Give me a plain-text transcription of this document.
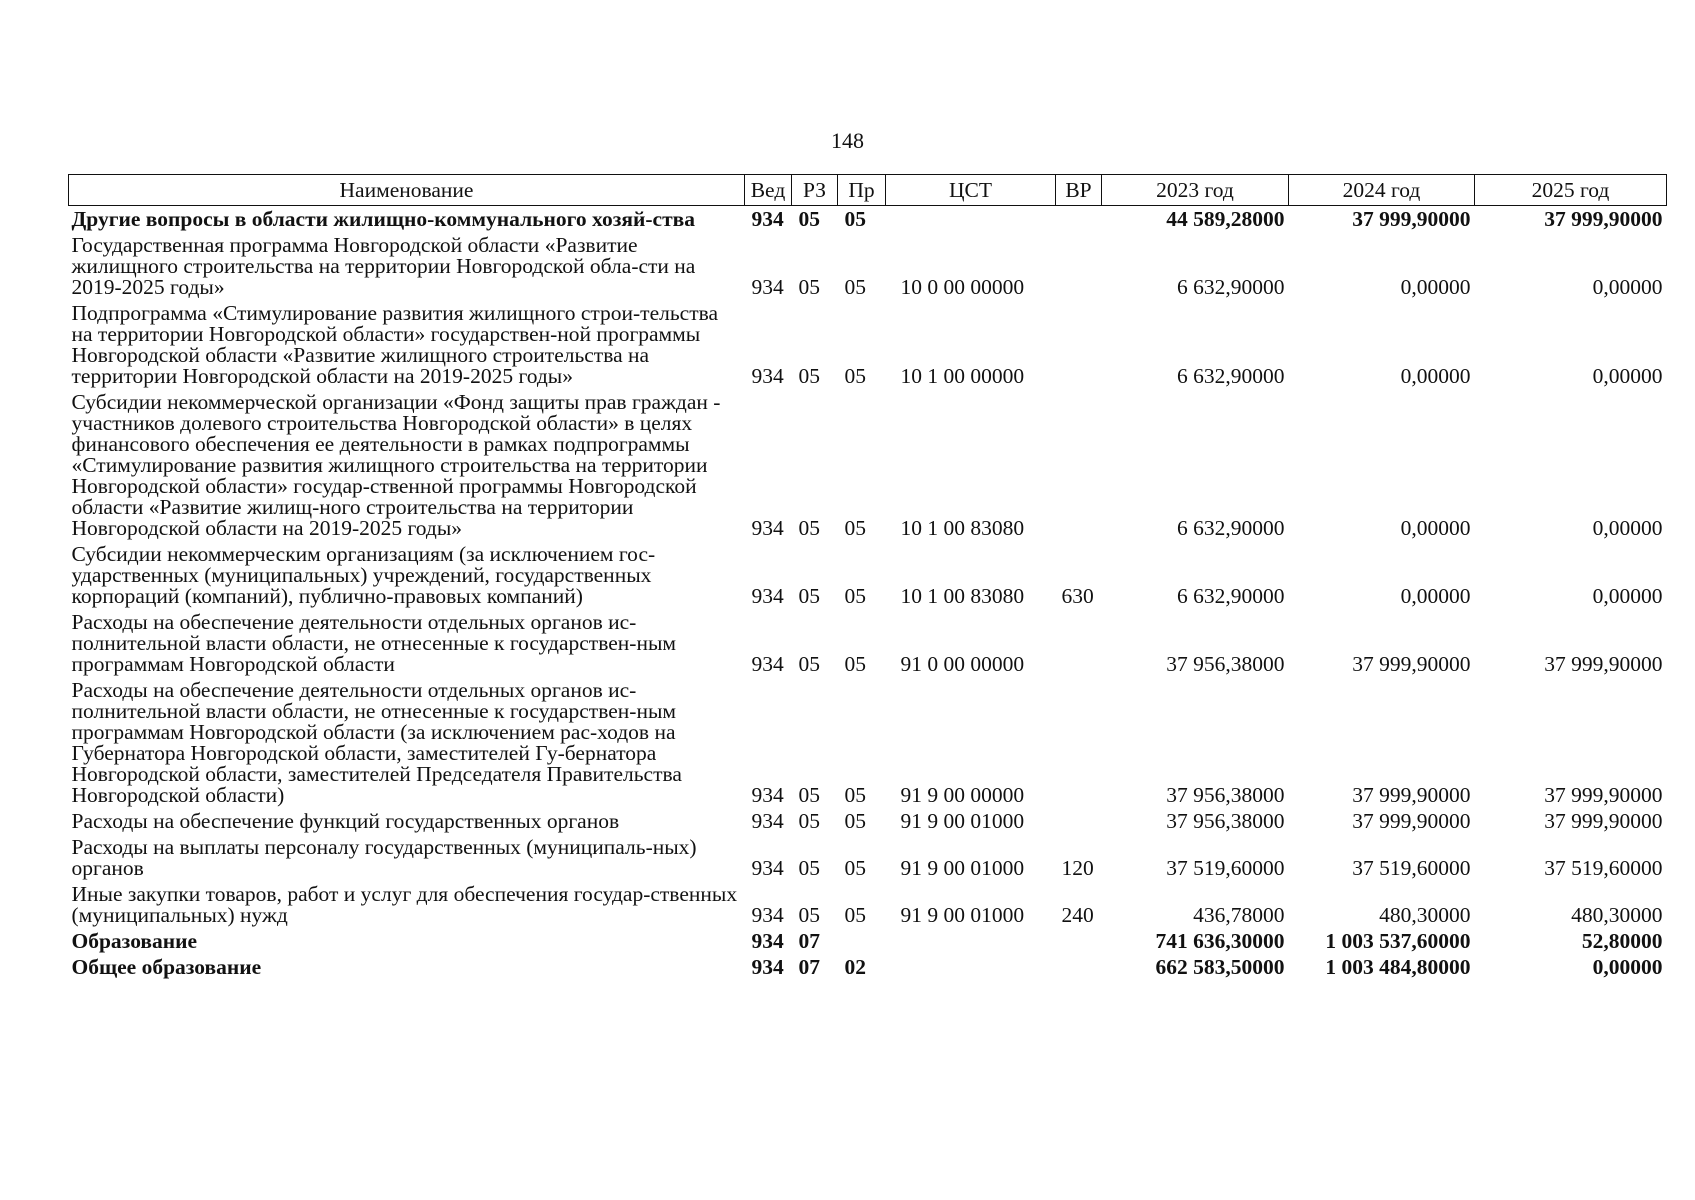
148
Наименование	Вед	РЗ	Пр	ЦСТ	ВР	2023 год	2024 год	2025 год
Другие вопросы в области жилищно-коммунального хозяй-ства	934	05	05			44 589,28000	37 999,90000	37 999,90000
Государственная программа Новгородской области «Развитие жилищного строительства на территории Новгородской обла-сти на 2019-2025 годы»	934	05	05	10 0 00 00000		6 632,90000	0,00000	0,00000
Подпрограмма «Стимулирование развития жилищного строи-тельства на территории Новгородской области» государствен-ной программы Новгородской области «Развитие жилищного строительства на территории Новгородской области на 2019-2025 годы»	934	05	05	10 1 00 00000		6 632,90000	0,00000	0,00000
Субсидии некоммерческой организации «Фонд защиты прав граждан - участников долевого строительства Новгородской области» в целях финансового обеспечения ее деятельности в рамках подпрограммы «Стимулирование развития жилищного строительства на территории Новгородской области» государ-ственной программы Новгородской области «Развитие жилищ-ного строительства на территории Новгородской области на 2019-2025 годы»	934	05	05	10 1 00 83080		6 632,90000	0,00000	0,00000
Субсидии некоммерческим организациям (за исключением гос-ударственных (муниципальных) учреждений, государственных корпораций (компаний), публично-правовых компаний)	934	05	05	10 1 00 83080	630	6 632,90000	0,00000	0,00000
Расходы на обеспечение деятельности отдельных органов ис-полнительной власти области, не отнесенные к государствен-ным программам Новгородской области	934	05	05	91 0 00 00000		37 956,38000	37 999,90000	37 999,90000
Расходы на обеспечение деятельности отдельных органов ис-полнительной власти области, не отнесенные к государствен-ным программам Новгородской области (за исключением рас-ходов на Губернатора Новгородской области, заместителей Гу-бернатора Новгородской области, заместителей Председателя Правительства Новгородской области)	934	05	05	91 9 00 00000		37 956,38000	37 999,90000	37 999,90000
Расходы на обеспечение функций государственных органов	934	05	05	91 9 00 01000		37 956,38000	37 999,90000	37 999,90000
Расходы на выплаты персоналу государственных (муниципаль-ных) органов	934	05	05	91 9 00 01000	120	37 519,60000	37 519,60000	37 519,60000
Иные закупки товаров, работ и услуг для обеспечения государ-ственных (муниципальных) нужд	934	05	05	91 9 00 01000	240	436,78000	480,30000	480,30000
Образование	934	07				741 636,30000	1 003 537,60000	52,80000
Общее образование	934	07	02			662 583,50000	1 003 484,80000	0,00000
